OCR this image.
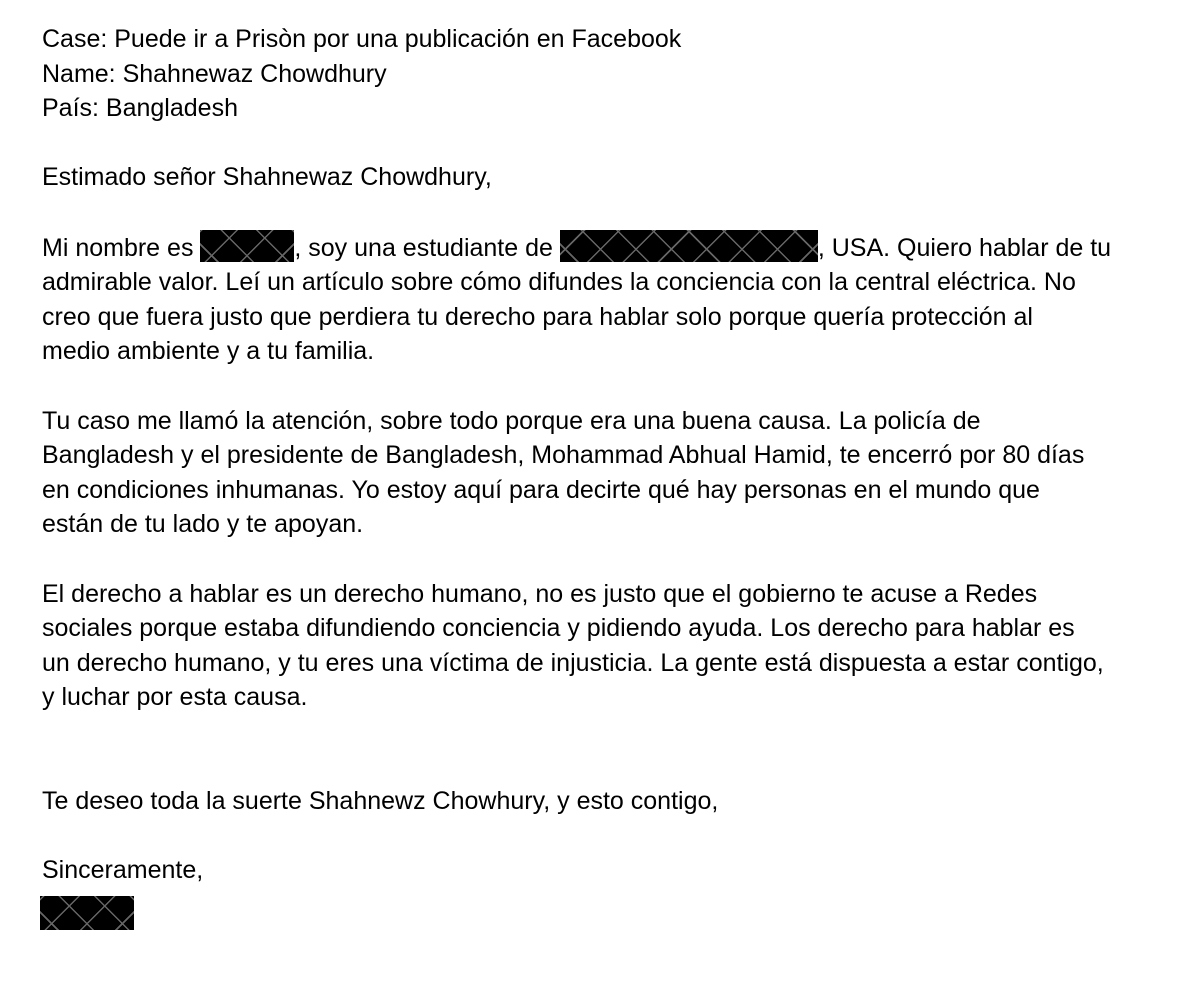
Case: Puede ir a Prisòn por una publicación en Facebook
Name: Shahnewaz Chowdhury
País: Bangladesh
Estimado señor Shahnewaz Chowdhury,
Mi nombre es	, soy una estudiante de	, USA. Quiero hablar de tu
admirable valor. Leí un artículo sobre cómo difundes la conciencia con la central eléctrica. No
creo que fuera justo que perdiera tu derecho para hablar solo porque quería protección al
medio ambiente y a tu familia.
Tu caso me llamó la atención, sobre todo porque era una buena causa. La policía de
Bangladesh y el presidente de Bangladesh, Mohammad Abhual Hamid, te encerró por 80 días
en condiciones inhumanas. Yo estoy aquí para decirte qué hay personas en el mundo que
están de tu lado y te apoyan.
El derecho a hablar es un derecho humano, no es justo que el gobierno te acuse a Redes
sociales porque estaba difundiendo conciencia y pidiendo ayuda. Los derecho para hablar es
un derecho humano, y tu eres una víctima de injusticia. La gente está dispuesta a estar contigo,
y luchar por esta causa.
Te deseo toda la suerte Shahnewz Chowhury, y esto contigo,
Sinceramente,
